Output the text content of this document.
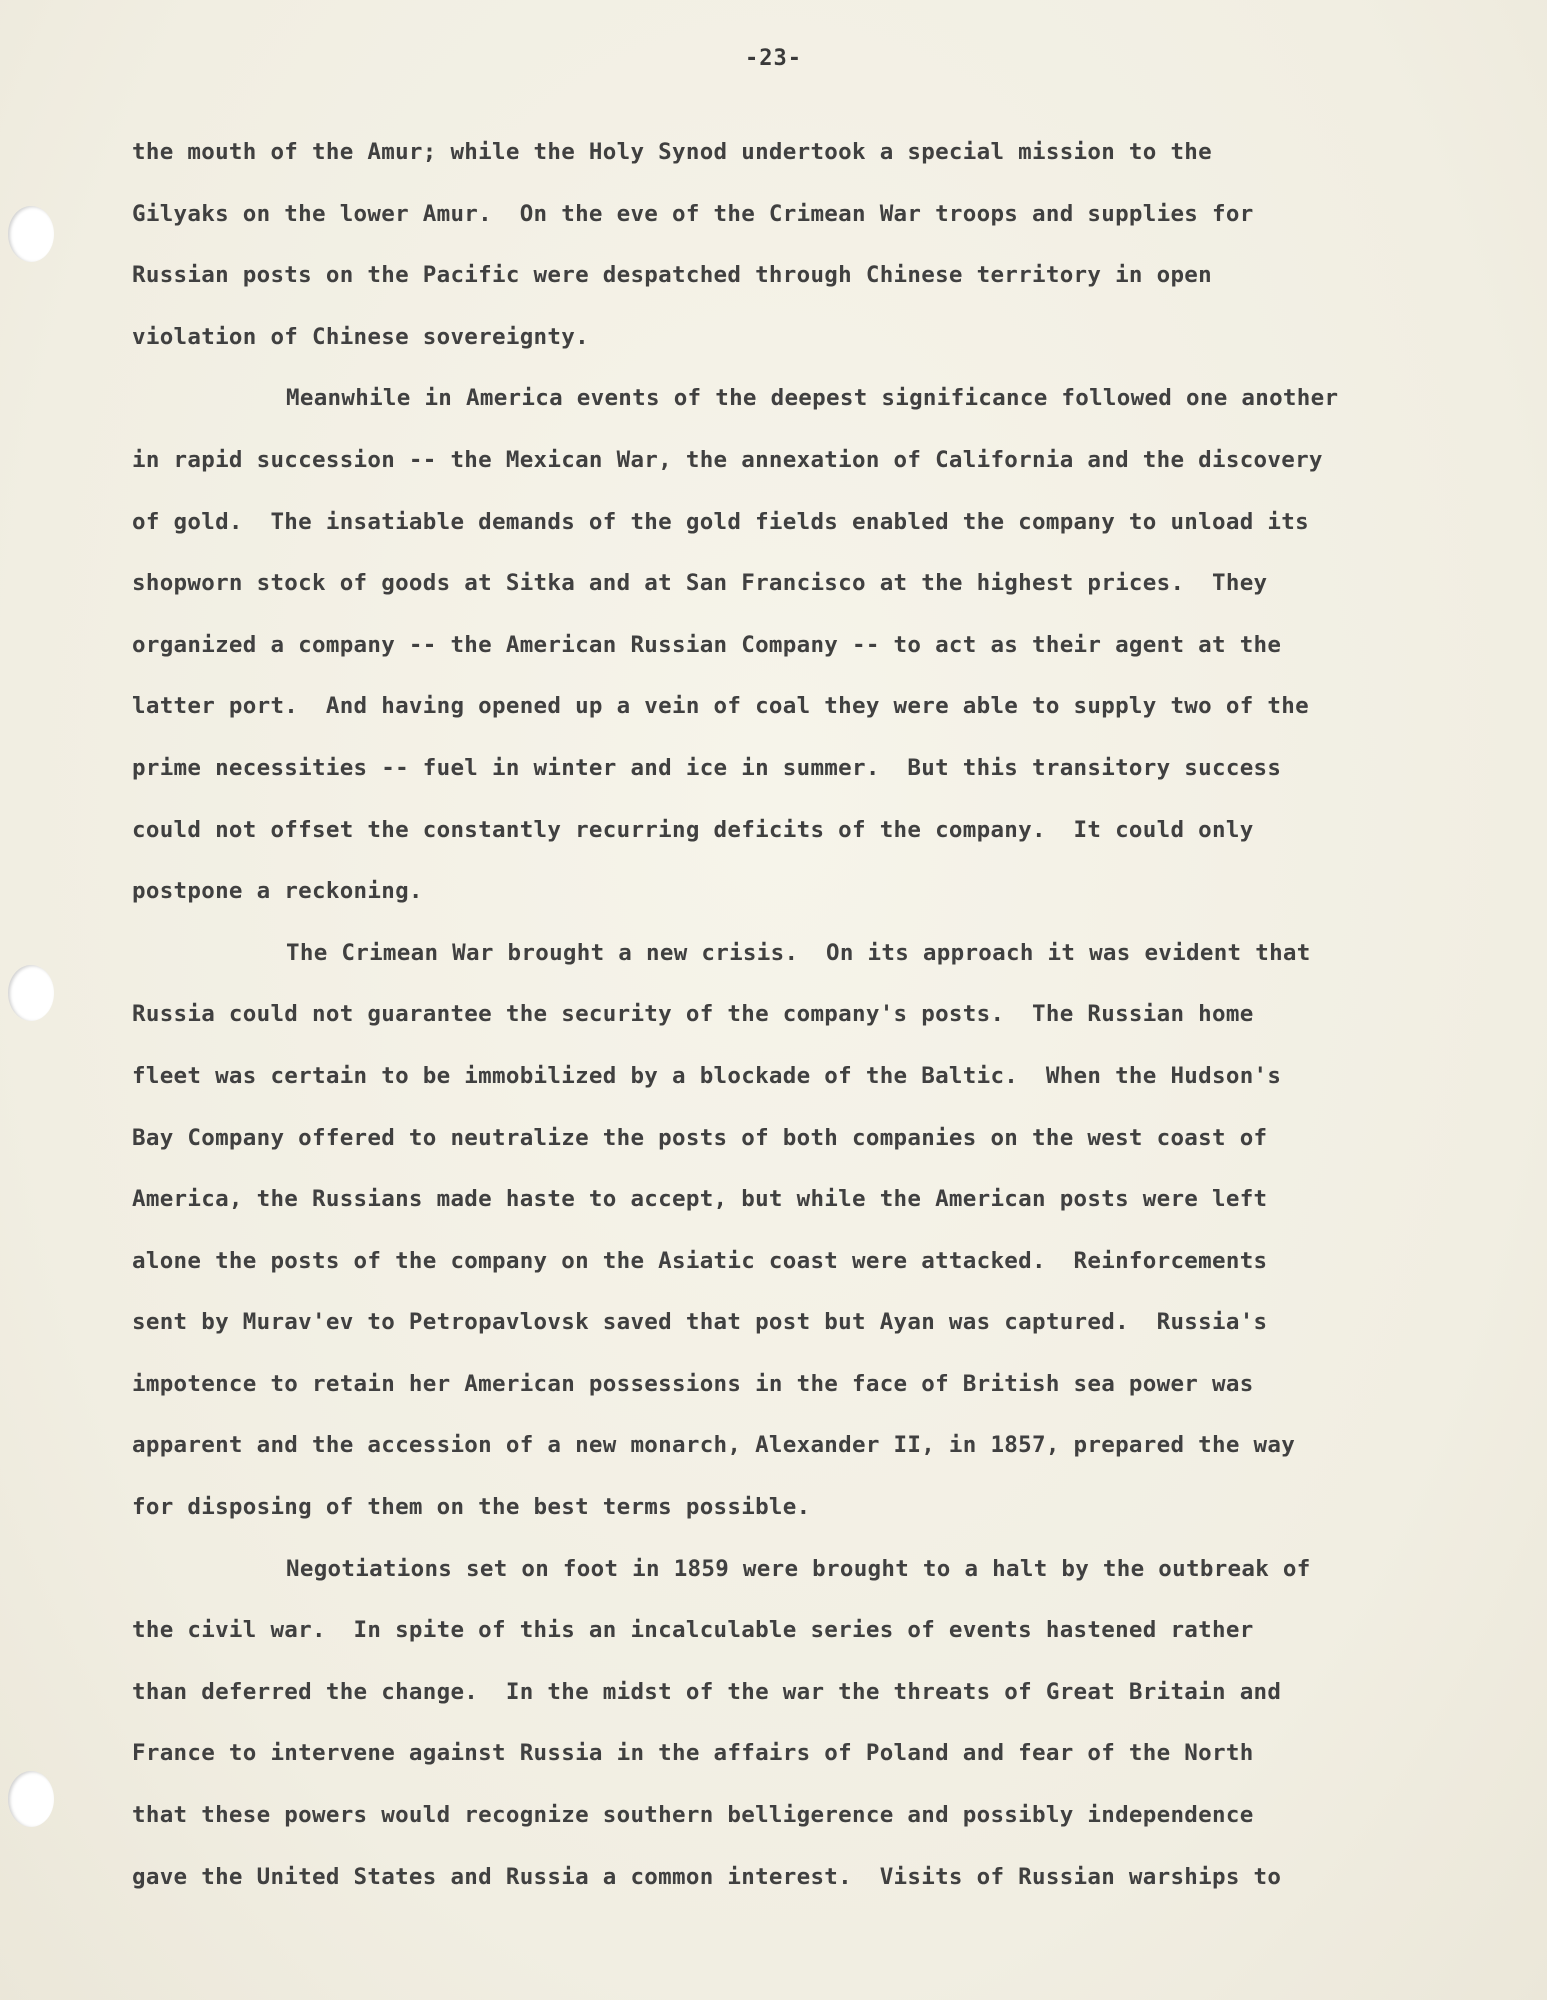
-23-
the mouth of the Amur; while the Holy Synod undertook a special mission to the
Gilyaks on the lower Amur.  On the eve of the Crimean War troops and supplies for
Russian posts on the Pacific were despatched through Chinese territory in open
violation of Chinese sovereignty.
Meanwhile in America events of the deepest significance followed one another
in rapid succession -- the Mexican War, the annexation of California and the discovery
of gold.  The insatiable demands of the gold fields enabled the company to unload its
shopworn stock of goods at Sitka and at San Francisco at the highest prices.  They
organized a company -- the American Russian Company -- to act as their agent at the
latter port.  And having opened up a vein of coal they were able to supply two of the
prime necessities -- fuel in winter and ice in summer.  But this transitory success
could not offset the constantly recurring deficits of the company.  It could only
postpone a reckoning.
The Crimean War brought a new crisis.  On its approach it was evident that
Russia could not guarantee the security of the company's posts.  The Russian home
fleet was certain to be immobilized by a blockade of the Baltic.  When the Hudson's
Bay Company offered to neutralize the posts of both companies on the west coast of
America, the Russians made haste to accept, but while the American posts were left
alone the posts of the company on the Asiatic coast were attacked.  Reinforcements
sent by Murav'ev to Petropavlovsk saved that post but Ayan was captured.  Russia's
impotence to retain her American possessions in the face of British sea power was
apparent and the accession of a new monarch, Alexander II, in 1857, prepared the way
for disposing of them on the best terms possible.
Negotiations set on foot in 1859 were brought to a halt by the outbreak of
the civil war.  In spite of this an incalculable series of events hastened rather
than deferred the change.  In the midst of the war the threats of Great Britain and
France to intervene against Russia in the affairs of Poland and fear of the North
that these powers would recognize southern belligerence and possibly independence
gave the United States and Russia a common interest.  Visits of Russian warships to
